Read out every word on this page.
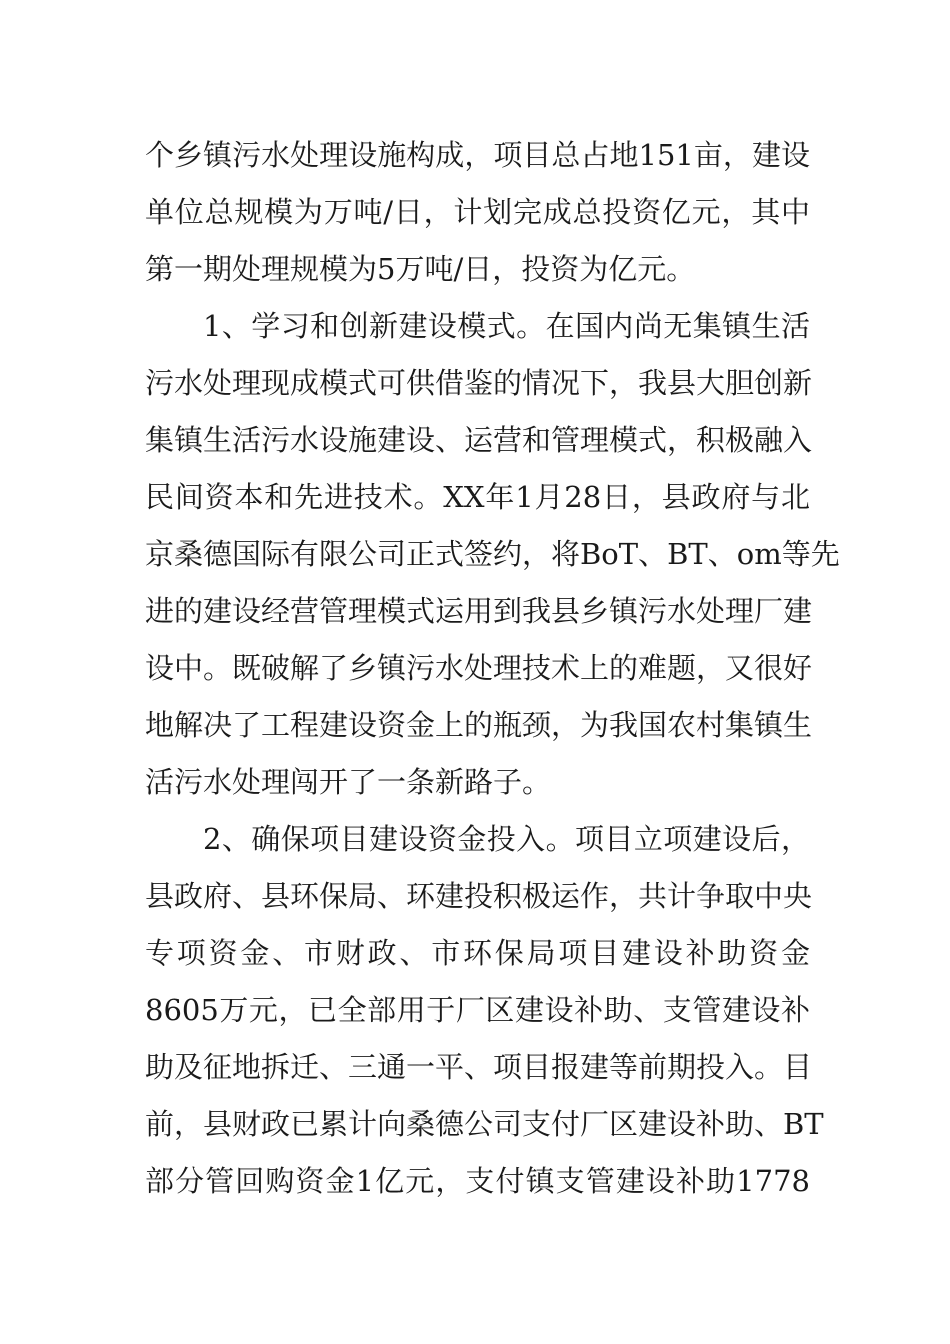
个乡镇污水处理设施构成，项目总占地151亩，建设
单位总规模为万吨/日，计划完成总投资亿元，其中
第一期处理规模为5万吨/日，投资为亿元。
1、学习和创新建设模式。在国内尚无集镇生活
污水处理现成模式可供借鉴的情况下，我县大胆创新
集镇生活污水设施建设、运营和管理模式，积极融入
民间资本和先进技术。XX年1月28日，县政府与北
京桑德国际有限公司正式签约，将BoT、BT、om等先
进的建设经营管理模式运用到我县乡镇污水处理厂建
设中。既破解了乡镇污水处理技术上的难题，又很好
地解决了工程建设资金上的瓶颈，为我国农村集镇生
活污水处理闯开了一条新路子。
2、确保项目建设资金投入。项目立项建设后，
县政府、县环保局、环建投积极运作，共计争取中央
专项资金、市财政、市环保局项目建设补助资金
8605万元，已全部用于厂区建设补助、支管建设补
助及征地拆迁、三通一平、项目报建等前期投入。目
前，县财政已累计向桑德公司支付厂区建设补助、BT
部分管回购资金1亿元，支付镇支管建设补助1778
